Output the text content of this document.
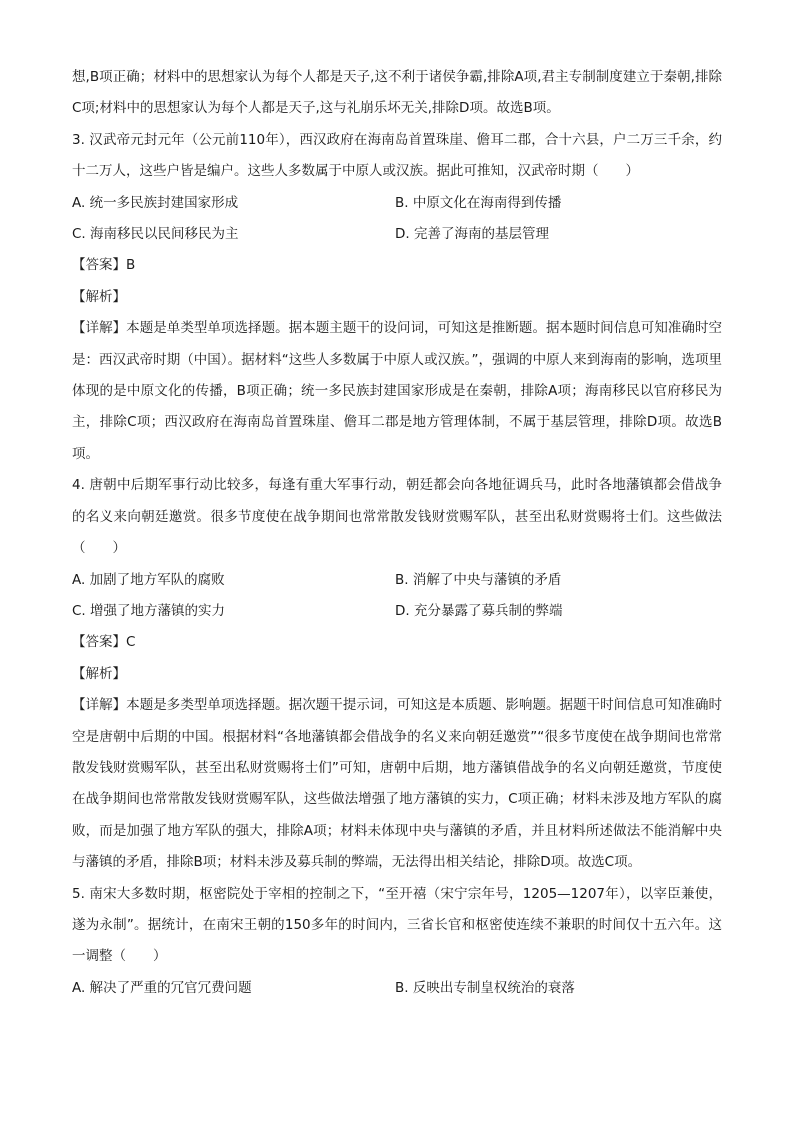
想,B项正确；材料中的思想家认为每个人都是天子,这不利于诸侯争霸,排除A项,君主专制制度建立于秦朝,排除C项;材料中的思想家认为每个人都是天子,这与礼崩乐坏无关,排除D项。故选B项。

3. 汉武帝元封元年（公元前110年），西汉政府在海南岛首置珠崖、儋耳二郡，合十六县，户二万三千余，约十二万人，这些户皆是编户。这些人多数属于中原人或汉族。据此可推知，汉武帝时期（　　）

A. 统一多民族封建国家形成	B. 中原文化在海南得到传播
C. 海南移民以民间移民为主	D. 完善了海南的基层管理

【答案】B

【解析】

【详解】本题是单类型单项选择题。据本题主题干的设问词，可知这是推断题。据本题时间信息可知准确时空是：西汉武帝时期（中国）。据材料“这些人多数属于中原人或汉族。”，强调的中原人来到海南的影响，选项里体现的是中原文化的传播，B项正确；统一多民族封建国家形成是在秦朝，排除A项；海南移民以官府移民为主，排除C项；西汉政府在海南岛首置珠崖、儋耳二郡是地方管理体制，不属于基层管理，排除D项。故选B项。

4. 唐朝中后期军事行动比较多，每逢有重大军事行动，朝廷都会向各地征调兵马，此时各地藩镇都会借战争的名义来向朝廷邀赏。很多节度使在战争期间也常常散发钱财赏赐军队，甚至出私财赏赐将士们。这些做法（　　）

A. 加剧了地方军队的腐败	B. 消解了中央与藩镇的矛盾
C. 增强了地方藩镇的实力	D. 充分暴露了募兵制的弊端

【答案】C

【解析】

【详解】本题是多类型单项选择题。据次题干提示词，可知这是本质题、影响题。据题干时间信息可知准确时空是唐朝中后期的中国。根据材料“各地藩镇都会借战争的名义来向朝廷邀赏”“很多节度使在战争期间也常常散发钱财赏赐军队，甚至出私财赏赐将士们”可知，唐朝中后期，地方藩镇借战争的名义向朝廷邀赏，节度使在战争期间也常常散发钱财赏赐军队，这些做法增强了地方藩镇的实力，C项正确；材料未涉及地方军队的腐败，而是加强了地方军队的强大，排除A项；材料未体现中央与藩镇的矛盾，并且材料所述做法不能消解中央与藩镇的矛盾，排除B项；材料未涉及募兵制的弊端，无法得出相关结论，排除D项。故选C项。

5. 南宋大多数时期，枢密院处于宰相的控制之下，“至开禧（宋宁宗年号，1205—1207年），以宰臣兼使，遂为永制”。据统计，在南宋王朝的150多年的时间内，三省长官和枢密使连续不兼职的时间仅十五六年。这一调整（　　）

A. 解决了严重的冗官冗费问题	B. 反映出专制皇权统治的衰落
